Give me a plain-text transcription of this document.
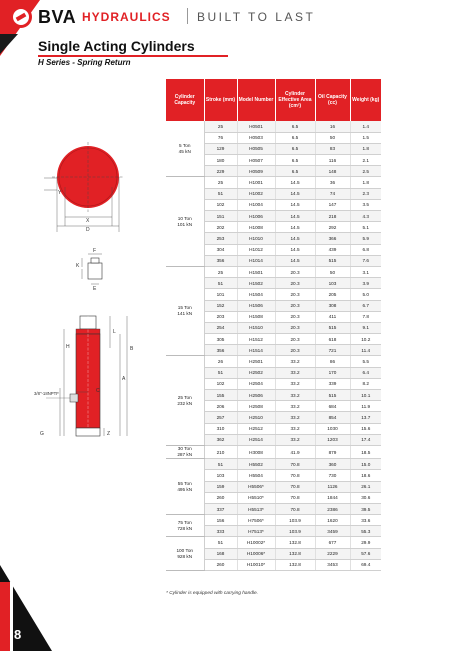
BVA HYDRAULICS BUILT TO LAST
Single Acting Cylinders
H Series - Spring Return
Y
X
D
F
K
E
L
H	B
A
C
3/8"-18NPTF
G	Z
Cylinder Capacity	Stroke (mm)	Model Number	Cylinder Effective Area (cm²)	Oil Capacity (cc)	Weight (kg)

5 Ton
45 kN	25	H0501	6.5	16	1.4
	76	H0503	6.5	50	1.5
	129	H0505	6.5	83	1.8
	180	H0507	6.5	116	2.1
	229	H0509	6.5	148	2.5

10 Ton
101 kN	25	H1001	14.5	36	1.8
	51	H1002	14.5	74	2.3
	102	H1004	14.5	147	3.5
	151	H1006	14.5	218	4.3
	202	H1008	14.5	292	5.1
	253	H1010	14.5	366	5.9
	304	H1012	14.5	439	6.8
	356	H1014	14.5	515	7.6

15 Ton
141 kN	25	H1501	20.3	50	3.1
	51	H1502	20.3	103	3.9
	101	H1504	20.3	205	5.0
	152	H1506	20.3	308	6.7
	203	H1508	20.3	411	7.8
	254	H1510	20.3	515	9.1
	305	H1512	20.3	618	10.2
	356	H1514	20.3	721	11.4

25 Ton
232 kN	26	H2501	33.2	86	5.5
	51	H2502	33.2	170	6.4
	102	H2504	33.2	339	8.2
	155	H2506	33.2	515	10.1
	206	H2508	33.2	684	11.9
	257	H2510	33.2	854	13.7
	310	H2512	33.2	1030	15.6
	362	H2514	33.2	1203	17.4

30 Ton
287 kN	210	H3008	41.9	879	18.5

55 Ton
495 kN	51	H5502	70.8	360	15.0
	103	H5504	70.8	730	18.6
	159	H5506*	70.8	1126	26.1
	260	H5510*	70.8	1844	30.6
	337	H5513*	70.8	2386	39.5

75 Ton
728 kN	156	H7506*	103.9	1620	33.6
	333	H7513*	103.9	3459	55.3

100 Ton
928 kN	51	H10002*	132.8	677	29.9
	168	H10006*	132.8	2229	57.6
	260	H10010*	132.8	3453	69.4
* Cylinder is equipped with carrying handle.
8
